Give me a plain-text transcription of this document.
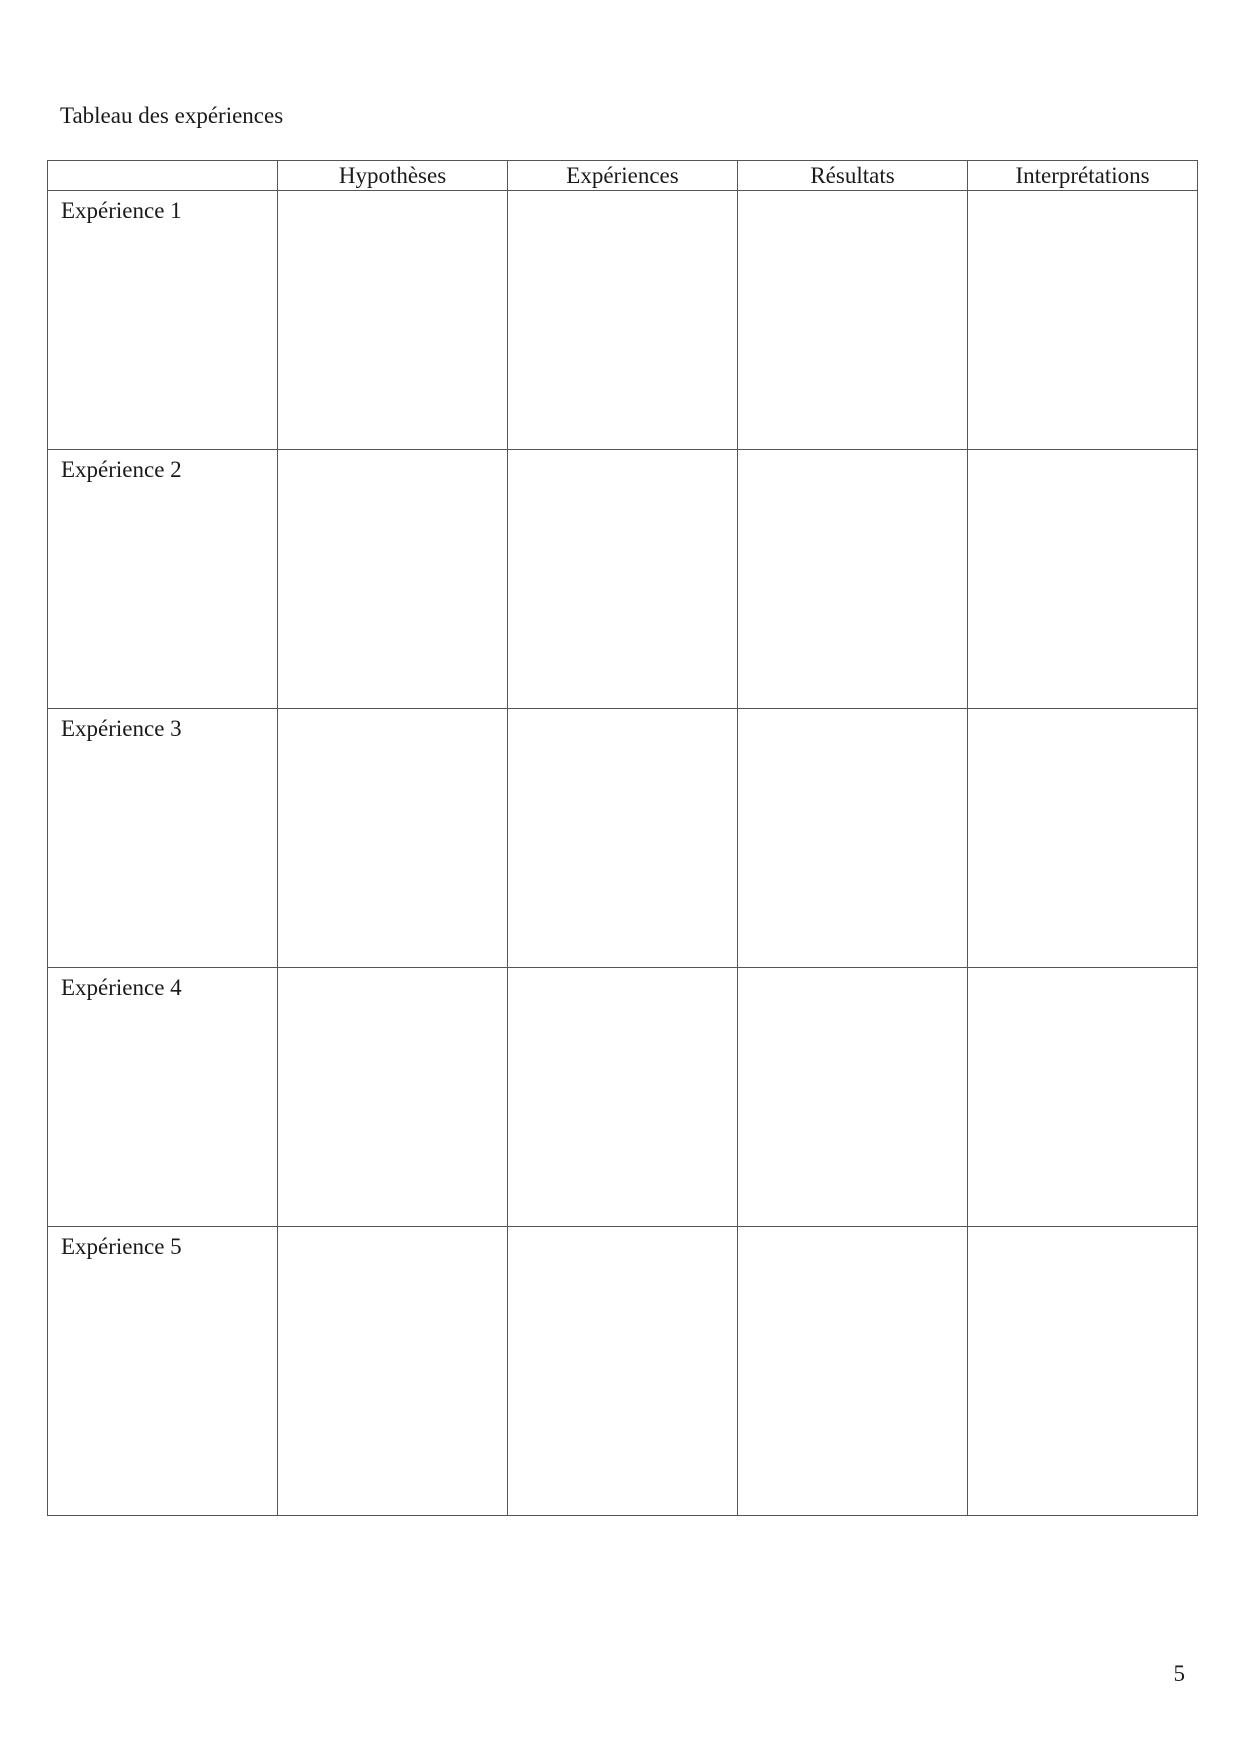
Tableau des expériences
	Hypothèses	Expériences	Résultats	Interprétations

Expérience 1				

Expérience 2				

Expérience 3				

Expérience 4				

Expérience 5				

5
